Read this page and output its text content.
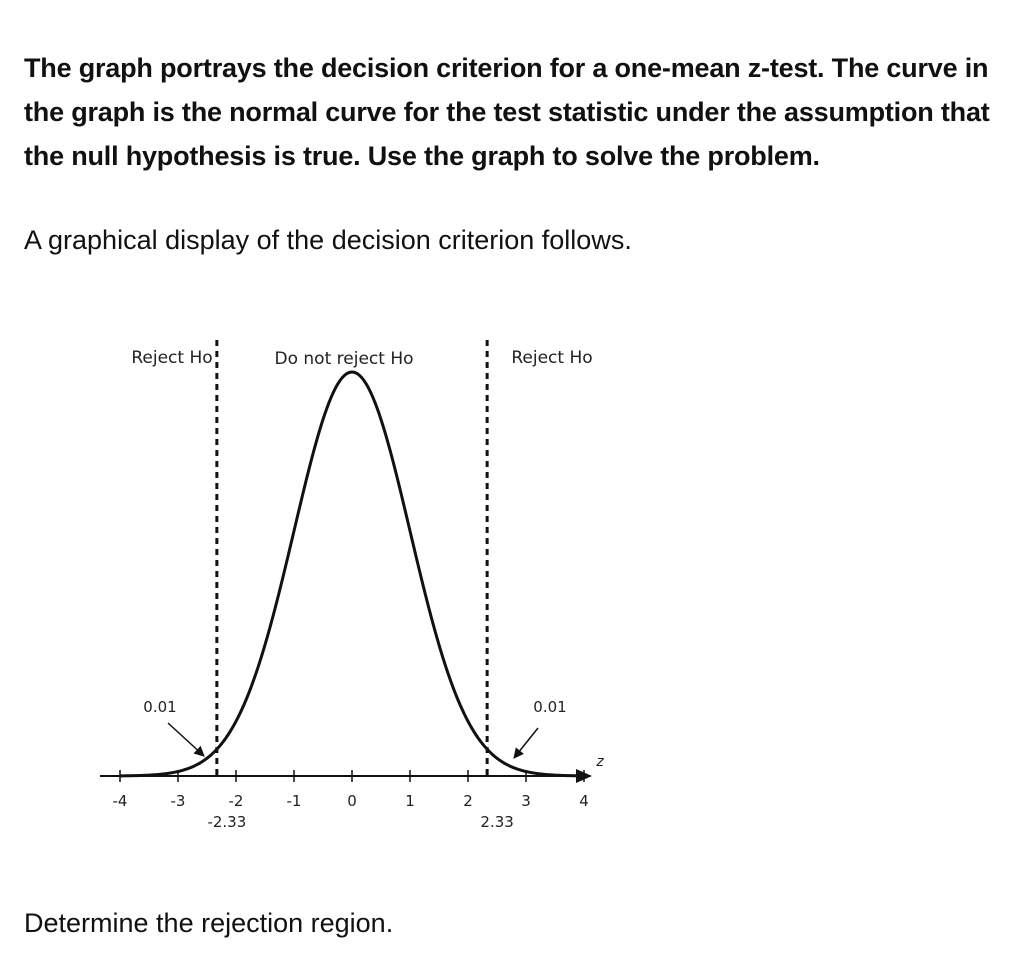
The graph portrays the decision criterion for a one-mean z-test. The curve in the graph is the normal curve for the test statistic under the assumption that the null hypothesis is true. Use the graph to solve the problem.

A graphical display of the decision criterion follows.

z
-4	-3	-2	-1	0	1	2	3	4
-2.33	2.33
Reject Ho	Do not reject Ho	Reject Ho
0.01	0.01

Determine the rejection region.
